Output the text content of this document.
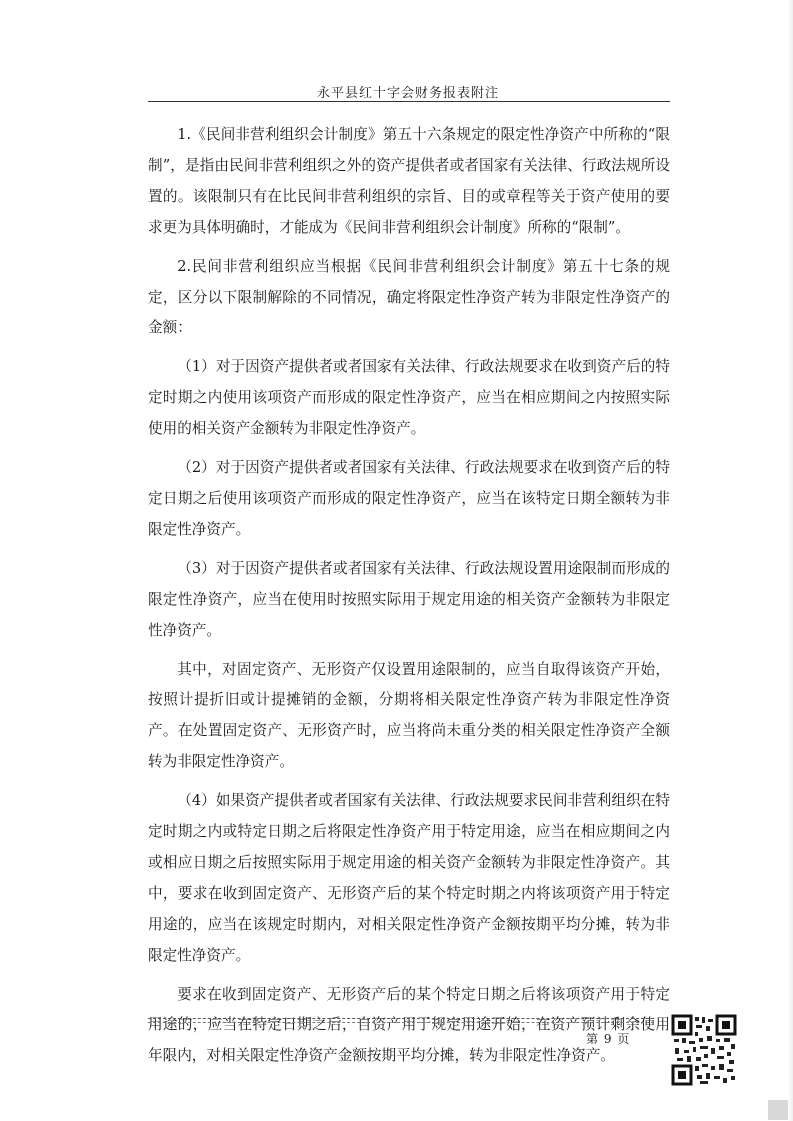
永平县红十字会财务报表附注

1.《民间非营利组织会计制度》第五十六条规定的限定性净资产中所称的“限制”，是指由民间非营利组织之外的资产提供者或者国家有关法律、行政法规所设置的。该限制只有在比民间非营利组织的宗旨、目的或章程等关于资产使用的要求更为具体明确时，才能成为《民间非营利组织会计制度》所称的“限制”。

2.民间非营利组织应当根据《民间非营利组织会计制度》第五十七条的规定，区分以下限制解除的不同情况，确定将限定性净资产转为非限定性净资产的金额：

（1）对于因资产提供者或者国家有关法律、行政法规要求在收到资产后的特定时期之内使用该项资产而形成的限定性净资产，应当在相应期间之内按照实际使用的相关资产金额转为非限定性净资产。

（2）对于因资产提供者或者国家有关法律、行政法规要求在收到资产后的特定日期之后使用该项资产而形成的限定性净资产，应当在该特定日期全额转为非限定性净资产。

（3）对于因资产提供者或者国家有关法律、行政法规设置用途限制而形成的限定性净资产，应当在使用时按照实际用于规定用途的相关资产金额转为非限定性净资产。

其中，对固定资产、无形资产仅设置用途限制的，应当自取得该资产开始，按照计提折旧或计提摊销的金额，分期将相关限定性净资产转为非限定性净资产。在处置固定资产、无形资产时，应当将尚未重分类的相关限定性净资产全额转为非限定性净资产。

（4）如果资产提供者或者国家有关法律、行政法规要求民间非营利组织在特定时期之内或特定日期之后将限定性净资产用于特定用途，应当在相应期间之内或相应日期之后按照实际用于规定用途的相关资产金额转为非限定性净资产。其中，要求在收到固定资产、无形资产后的某个特定时期之内将该项资产用于特定用途的，应当在该规定时期内，对相关限定性净资产金额按期平均分摊，转为非限定性净资产。

要求在收到固定资产、无形资产后的某个特定日期之后将该项资产用于特定用途的，应当在特定日期之后，自资产用于规定用途开始，在资产预计剩余使用年限内，对相关限定性净资产金额按期平均分摊，转为非限定性净资产。

第 9 页
